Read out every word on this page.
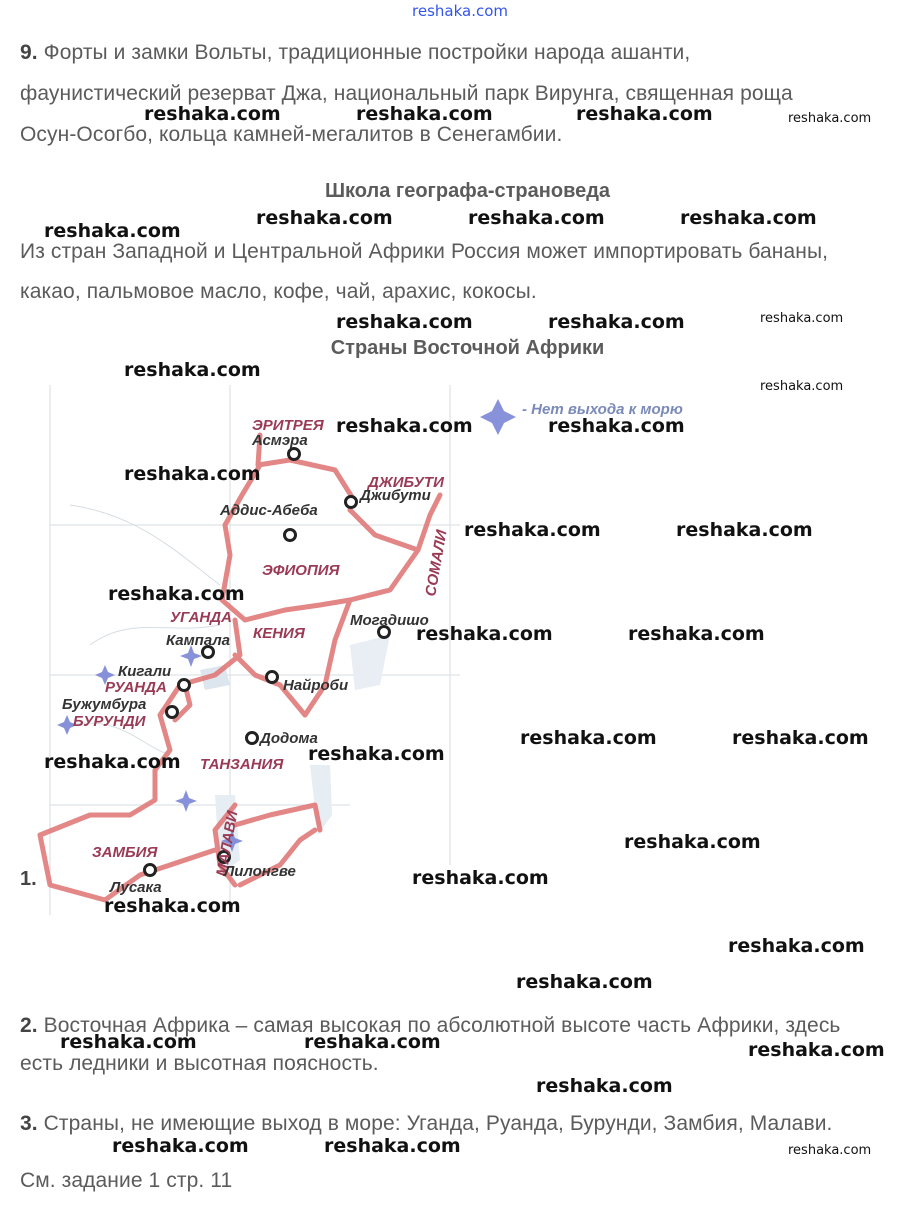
reshaka.com
9. Форты и замки Вольты, традиционные постройки народа ашанти,
фаунистический резерват Джа, национальный парк Вирунга, священная роща
Осун-Осогбо, кольца камней-мегалитов в Сенегамбии.
Школа географа-страноведа
Из стран Западной и Центральной Африки Россия может импортировать бананы,
какао, пальмовое масло, кофе, чай, арахис, кокосы.
Страны Восточной Африки
- Нет выхода к морю
ЭРИТРЕЯ
ДЖИБУТИ
ЭФИОПИЯ	СОМАЛИ
УГАНДА
КЕНИЯ
РУАНДА
БУРУНДИ
ТАНЗАНИЯ
ЗАМБИЯ	МАЛАВИ
Асмэра
Джибути
Аддис-Абеба
Могадишо
Кампала
Кигали
Найроби
Бужумбура
Додома
Лилонгве
Лусака
1.
2. Восточная Африка – самая высокая по абсолютной высоте часть Африки, здесь
есть ледники и высотная поясность.
3. Страны, не имеющие выход в море: Уганда, Руанда, Бурунди, Замбия, Малави.
См. задание 1 стр. 11
reshaka.com	reshaka.com	reshaka.com	reshaka.com
reshaka.com
reshaka.com	reshaka.com	reshaka.com
reshaka.com	reshaka.com	reshaka.com
reshaka.com
reshaka.com
reshaka.com	reshaka.com
reshaka.com
reshaka.com	reshaka.com
reshaka.com
reshaka.com	reshaka.com
reshaka.com	reshaka.com
reshaka.com
reshaka.com
reshaka.com
reshaka.com
reshaka.com
reshaka.com
reshaka.com
reshaka.com	reshaka.com	reshaka.com
reshaka.com
reshaka.com	reshaka.com	reshaka.com
